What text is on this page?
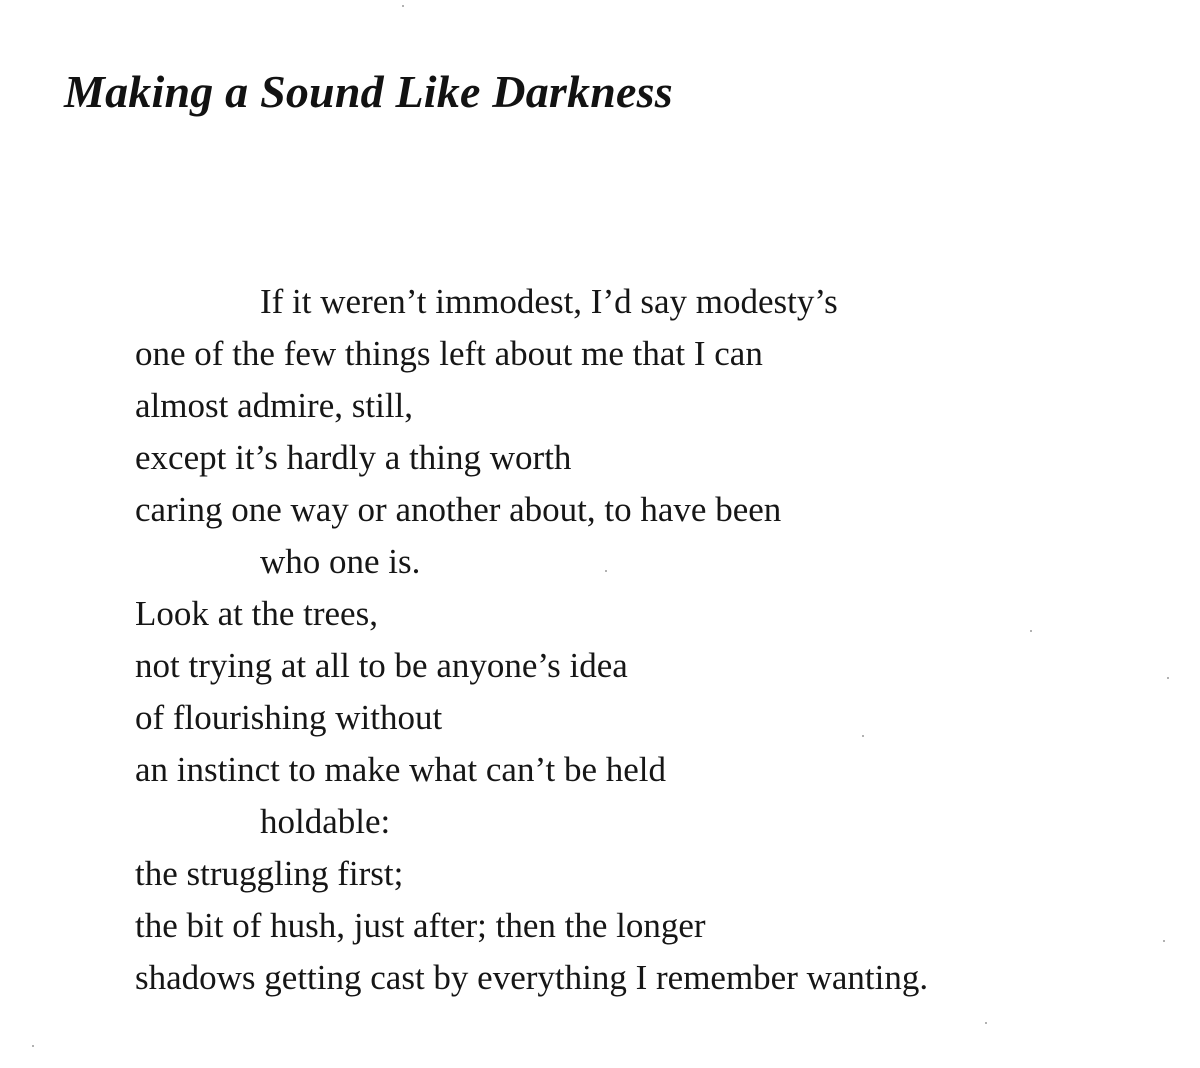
Making a Sound Like Darkness
If it weren’t immodest, I’d say modesty’s
one of the few things left about me that I can
almost admire, still,
except it’s hardly a thing worth
caring one way or another about, to have been
who one is.
Look at the trees,
not trying at all to be anyone’s idea
of flourishing without
an instinct to make what can’t be held
holdable:
the struggling first;
the bit of hush, just after; then the longer
shadows getting cast by everything I remember wanting.
